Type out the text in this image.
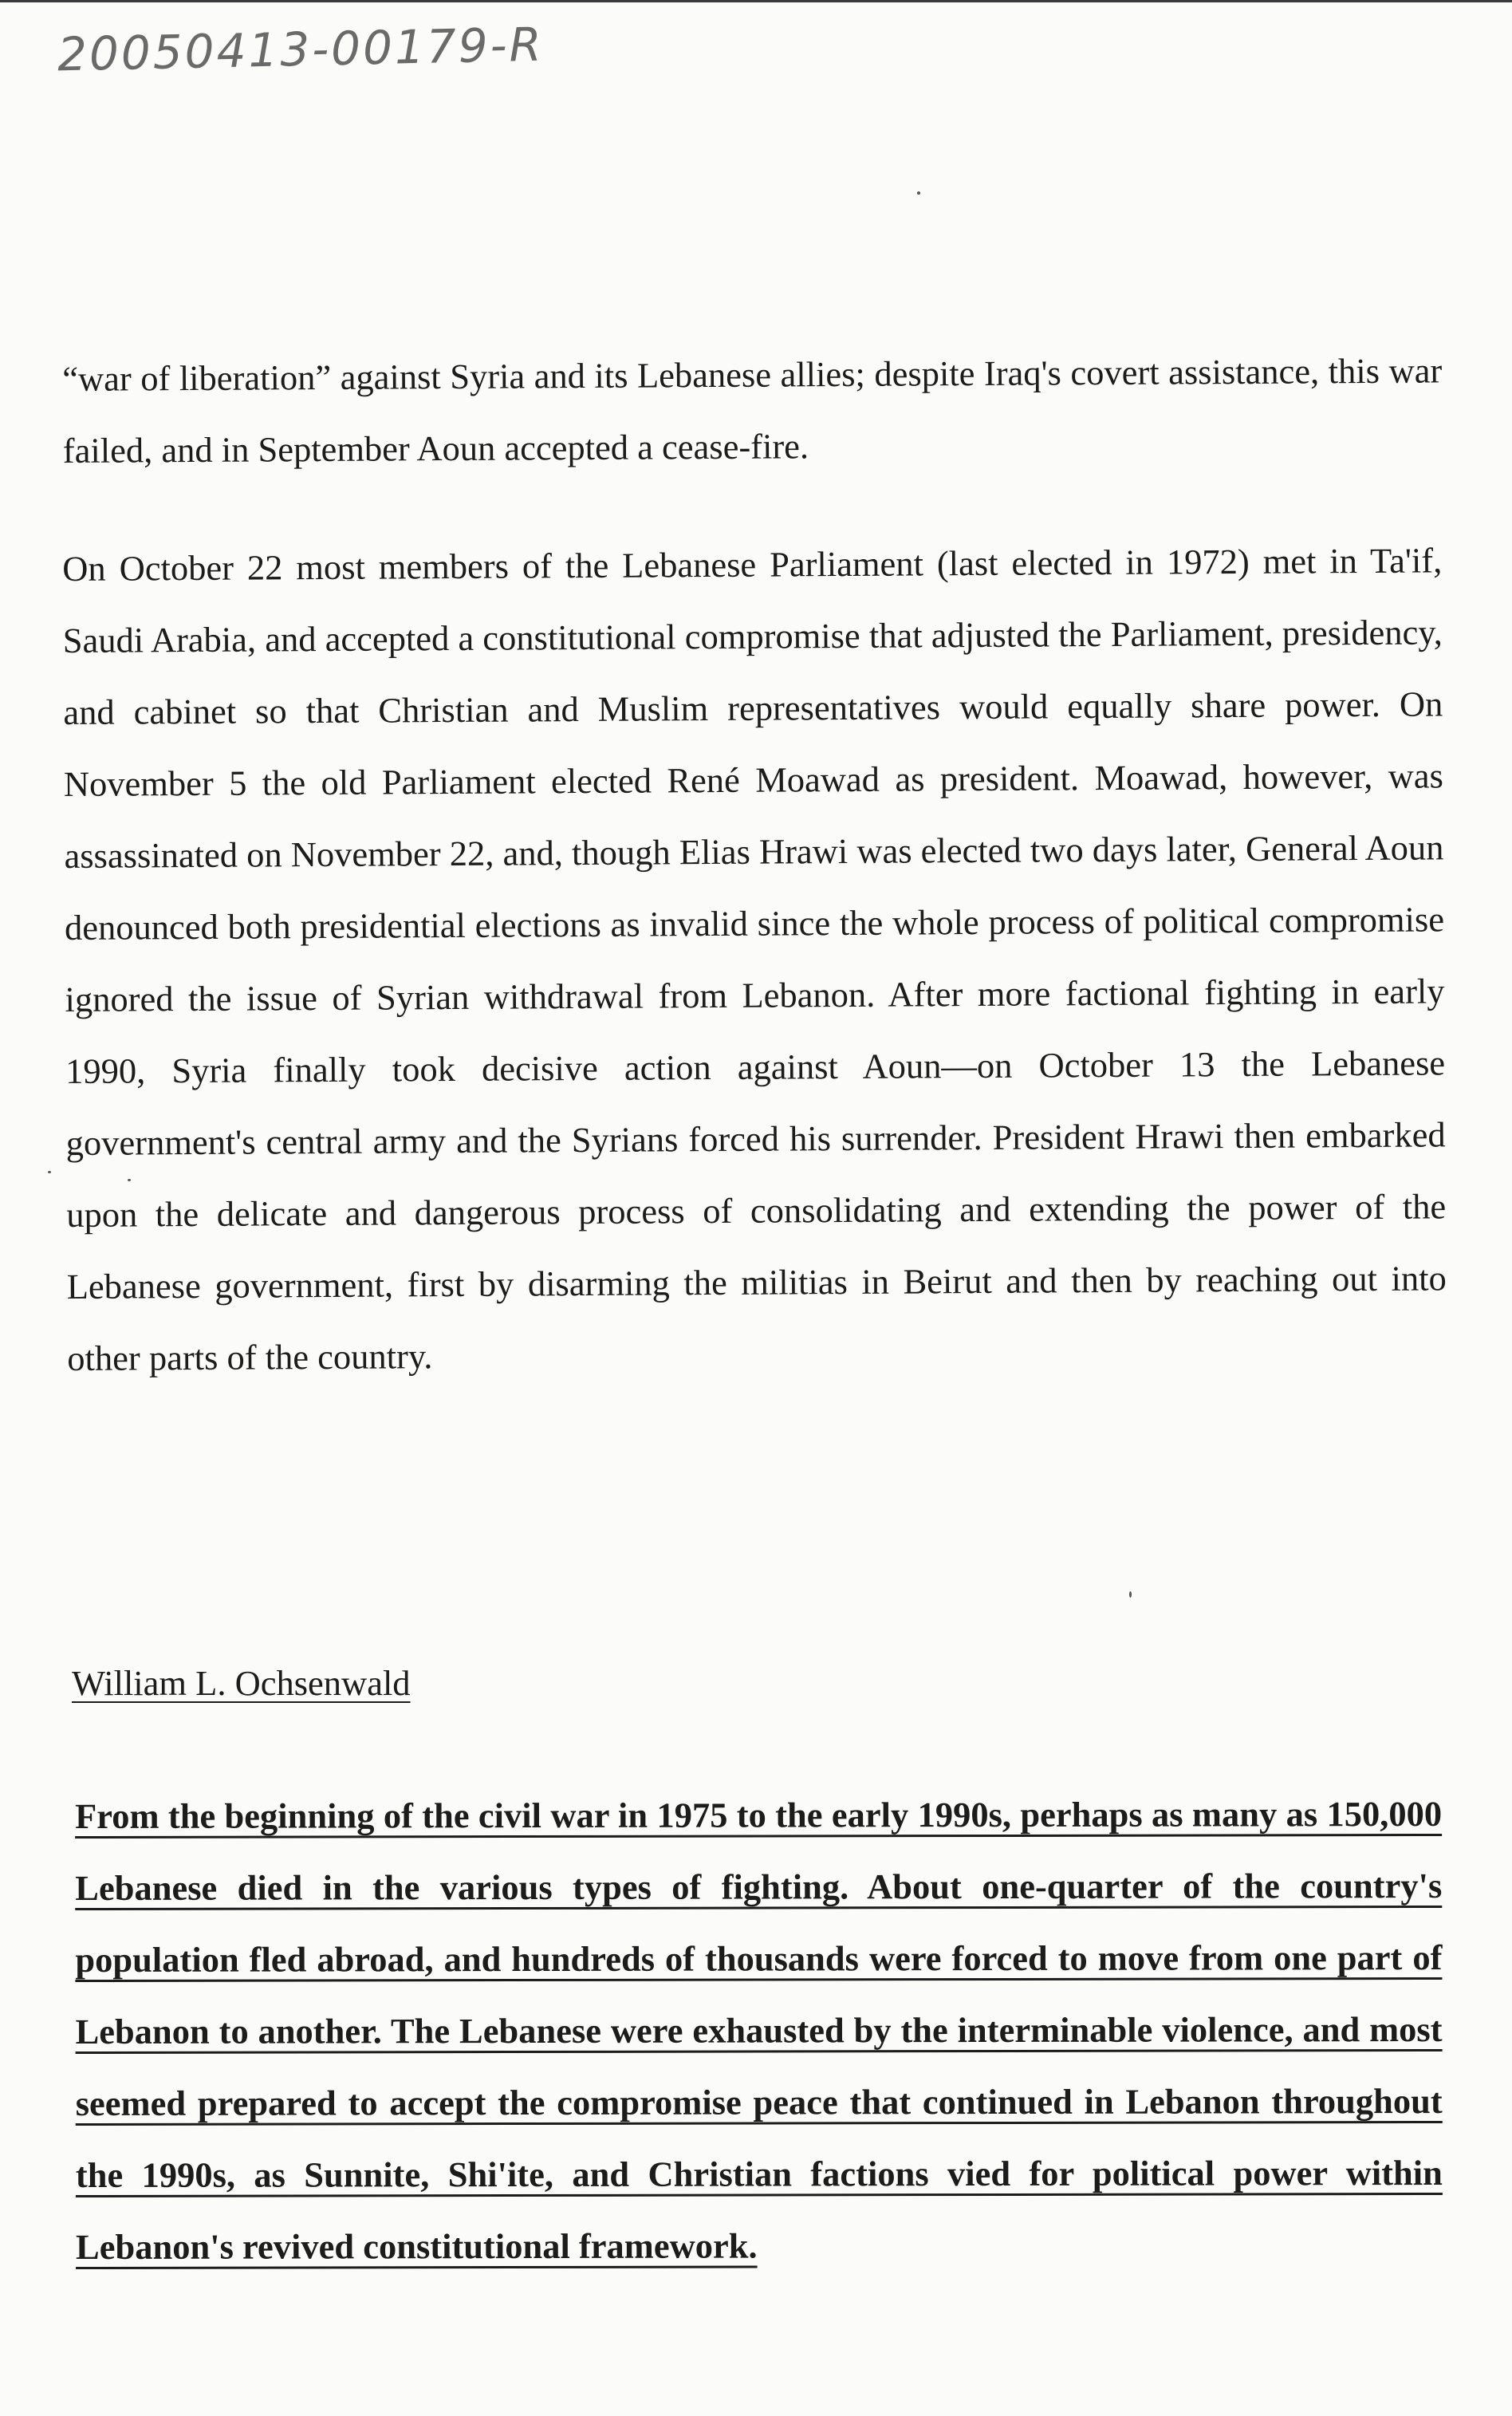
20050413-00179-R

“war of liberation” against Syria and its Lebanese allies; despite Iraq's covert assistance, this war failed, and in September Aoun accepted a cease-fire.

On October 22 most members of the Lebanese Parliament (last elected in 1972) met in Ta'if, Saudi Arabia, and accepted a constitutional compromise that adjusted the Parliament, presidency, and cabinet so that Christian and Muslim representatives would equally share power. On November 5 the old Parliament elected René Moawad as president. Moawad, however, was assassinated on November 22, and, though Elias Hrawi was elected two days later, General Aoun denounced both presidential elections as invalid since the whole process of political compromise ignored the issue of Syrian withdrawal from Lebanon. After more factional fighting in early 1990, Syria finally took decisive action against Aoun—on October 13 the Lebanese government's central army and the Syrians forced his surrender. President Hrawi then embarked upon the delicate and dangerous process of consolidating and extending the power of the Lebanese government, first by disarming the militias in Beirut and then by reaching out into other parts of the country.

William L. Ochsenwald

From the beginning of the civil war in 1975 to the early 1990s, perhaps as many as 150,000 Lebanese died in the various types of fighting. About one-quarter of the country's population fled abroad, and hundreds of thousands were forced to move from one part of Lebanon to another. The Lebanese were exhausted by the interminable violence, and most seemed prepared to accept the compromise peace that continued in Lebanon throughout the 1990s, as Sunnite, Shi'ite, and Christian factions vied for political power within Lebanon's revived constitutional framework.
